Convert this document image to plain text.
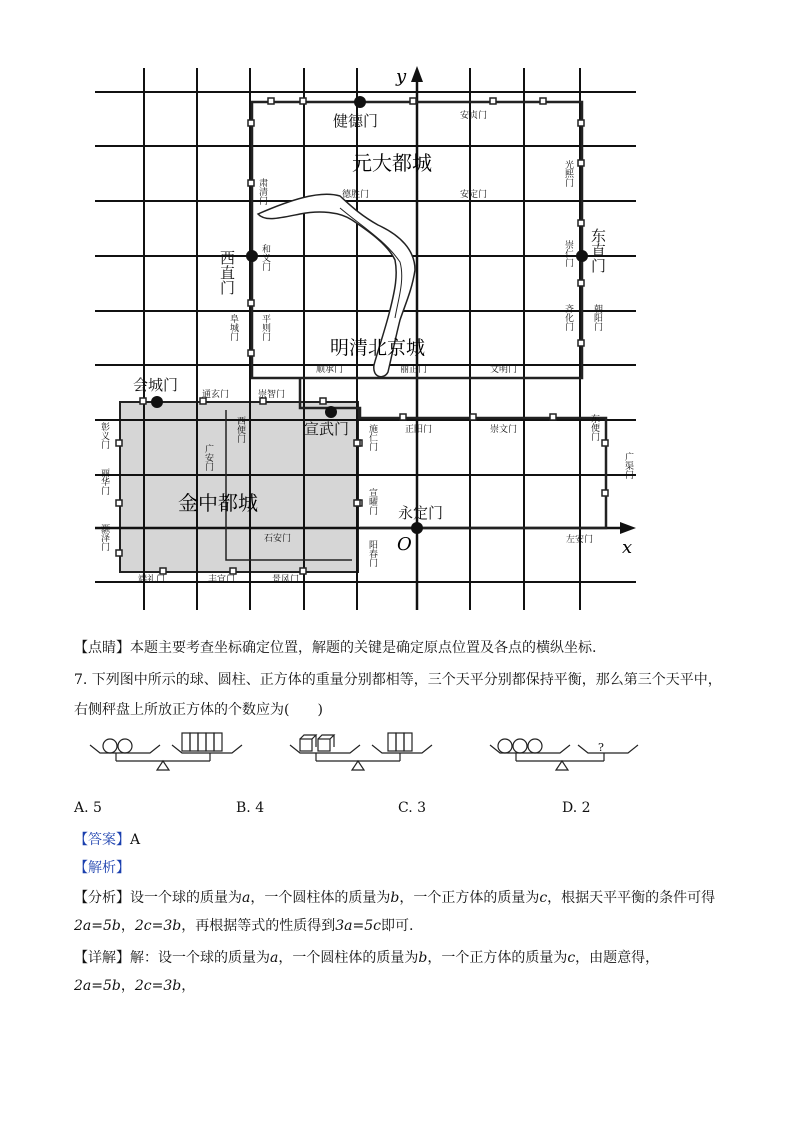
x
y
O
元大都城
明清北京城
金中都城
健德门
会城门
宣武门
永定门
西直门	东直门
安贞门
德胜门	安定门
通玄门	崇智门
顺承门	丽正门	文明门
正阳门	崇文门
石安门	左安门
端礼门	丰宜门	景风门
肃清门
和义门
平则门
阜城门
光熙门
崇仁门
齐化门 朝阳门
东便门
广渠门
彰义门
丽华门
灏泽门
西便门
广安门
施仁门
宣曜门
阳春门
【点睛】本题主要考查坐标确定位置，解题的关键是确定原点位置及各点的横纵坐标.
7. 下列图中所示的球、圆柱、正方体的重量分别都相等，三个天平分别都保持平衡，那么第三个天平中，
右侧秤盘上所放正方体的个数应为(　　)
?
A. 5	B. 4	C. 3	D. 2
【答案】A
【解析】
【分析】设一个球的质量为a，一个圆柱体的质量为b，一个正方体的质量为c，根据天平平衡的条件可得
2a=5b，2c=3b，再根据等式的性质得到3a=5c即可.
【详解】解：设一个球的质量为a，一个圆柱体的质量为b，一个正方体的质量为c，由题意得，
2a=5b，2c=3b，
